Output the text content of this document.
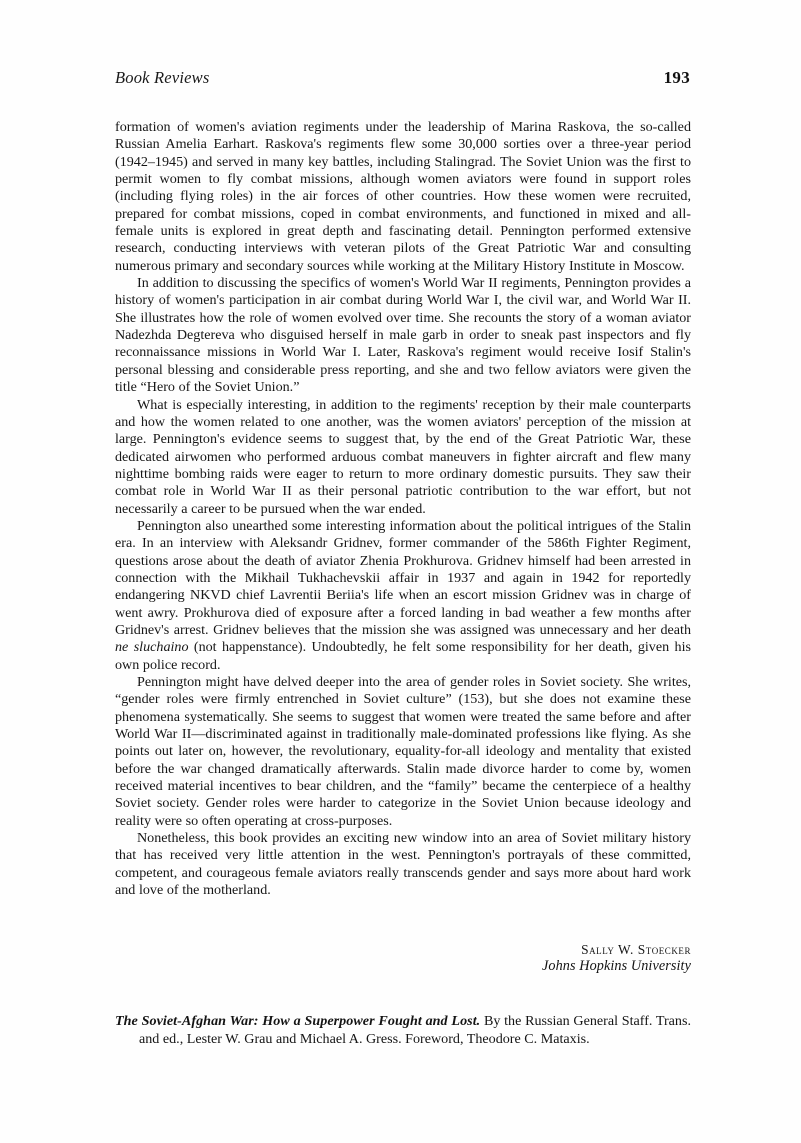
Book Reviews	193

formation of women's aviation regiments under the leadership of Marina Raskova, the so-called Russian Amelia Earhart. Raskova's regiments flew some 30,000 sorties over a three-year period (1942–1945) and served in many key battles, including Stalingrad. The Soviet Union was the first to permit women to fly combat missions, although women aviators were found in support roles (including flying roles) in the air forces of other countries. How these women were recruited, prepared for combat missions, coped in combat environments, and functioned in mixed and all-female units is explored in great depth and fascinating detail. Pennington performed extensive research, conducting interviews with veteran pilots of the Great Patriotic War and consulting numerous primary and secondary sources while working at the Military History Institute in Moscow.

In addition to discussing the specifics of women's World War II regiments, Pennington provides a history of women's participation in air combat during World War I, the civil war, and World War II. She illustrates how the role of women evolved over time. She recounts the story of a woman aviator Nadezhda Degtereva who disguised herself in male garb in order to sneak past inspectors and fly reconnaissance missions in World War I. Later, Raskova's regiment would receive Iosif Stalin's personal blessing and considerable press reporting, and she and two fellow aviators were given the title “Hero of the Soviet Union.”

What is especially interesting, in addition to the regiments' reception by their male counterparts and how the women related to one another, was the women aviators' perception of the mission at large. Pennington's evidence seems to suggest that, by the end of the Great Patriotic War, these dedicated airwomen who performed arduous combat maneuvers in fighter aircraft and flew many nighttime bombing raids were eager to return to more ordinary domestic pursuits. They saw their combat role in World War II as their personal patriotic contribution to the war effort, but not necessarily a career to be pursued when the war ended.

Pennington also unearthed some interesting information about the political intrigues of the Stalin era. In an interview with Aleksandr Gridnev, former commander of the 586th Fighter Regiment, questions arose about the death of aviator Zhenia Prokhurova. Gridnev himself had been arrested in connection with the Mikhail Tukhachevskii affair in 1937 and again in 1942 for reportedly endangering NKVD chief Lavrentii Beriia's life when an escort mission Gridnev was in charge of went awry. Prokhurova died of exposure after a forced landing in bad weather a few months after Gridnev's arrest. Gridnev believes that the mission she was assigned was unnecessary and her death ne sluchaino (not happenstance). Undoubtedly, he felt some responsibility for her death, given his own police record.

Pennington might have delved deeper into the area of gender roles in Soviet society. She writes, “gender roles were firmly entrenched in Soviet culture” (153), but she does not examine these phenomena systematically. She seems to suggest that women were treated the same before and after World War II—discriminated against in traditionally male-dominated professions like flying. As she points out later on, however, the revolutionary, equality-for-all ideology and mentality that existed before the war changed dramatically afterwards. Stalin made divorce harder to come by, women received material incentives to bear children, and the “family” became the centerpiece of a healthy Soviet society. Gender roles were harder to categorize in the Soviet Union because ideology and reality were so often operating at cross-purposes.

Nonetheless, this book provides an exciting new window into an area of Soviet military history that has received very little attention in the west. Pennington's portrayals of these committed, competent, and courageous female aviators really transcends gender and says more about hard work and love of the motherland.

Sally W. Stoecker
Johns Hopkins University
The Soviet-Afghan War: How a Superpower Fought and Lost. By the Russian General Staff. Trans. and ed., Lester W. Grau and Michael A. Gress. Foreword, Theodore C. Mataxis.
